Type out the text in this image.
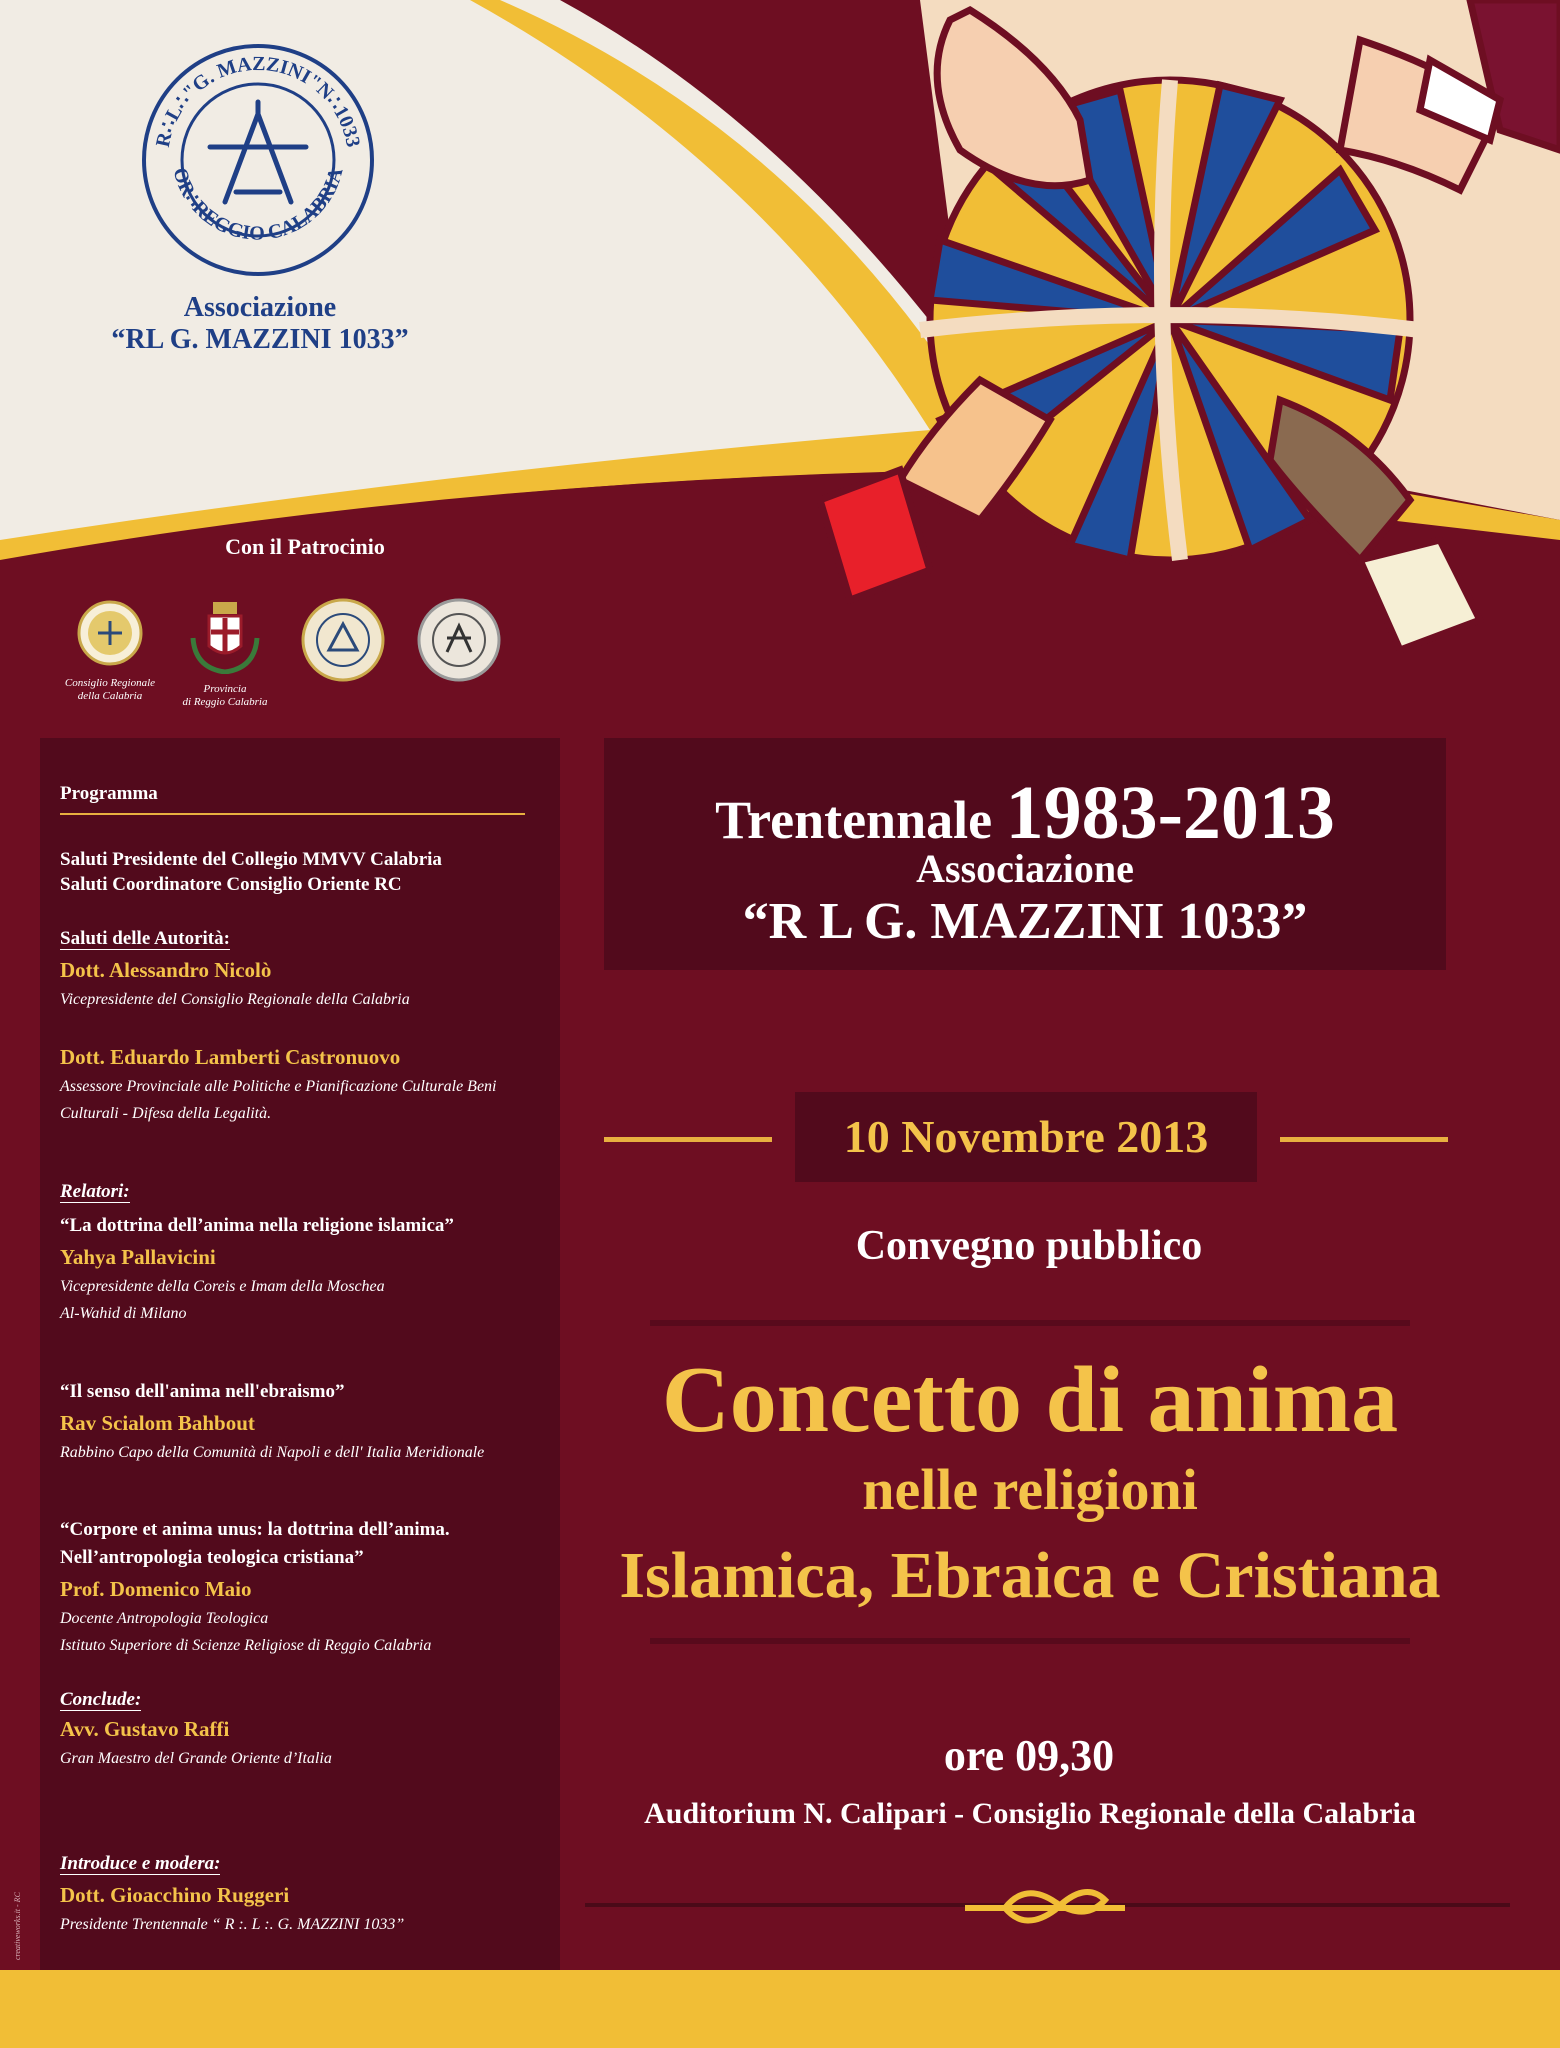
R∴L∴"G. MAZZINI"N∴1033
OR∴REGGIO CALABRIA
Associazione
“RL G. MAZZINI 1033”
Con il Patrocinio
Consiglio Regionale
della Calabria
Provincia
di Reggio Calabria
Programma
Saluti Presidente del Collegio MMVV Calabria
Saluti Coordinatore Consiglio Oriente RC
Saluti delle Autorità:
Dott. Alessandro Nicolò
Vicepresidente del Consiglio Regionale della Calabria
Dott. Eduardo Lamberti Castronuovo
Assessore Provinciale alle Politiche e Pianificazione Culturale Beni
Culturali - Difesa della Legalità.
Relatori:
“La dottrina dell’anima nella religione islamica”
Yahya Pallavicini
Vicepresidente della Coreis e Imam della Moschea
Al-Wahid di Milano
“Il senso dell'anima nell'ebraismo”
Rav Scialom Bahbout
Rabbino Capo della Comunità di Napoli e dell' Italia Meridionale
“Corpore et anima unus: la dottrina dell’anima.
Nell’antropologia teologica cristiana”
Prof. Domenico Maio
Docente Antropologia Teologica
Istituto Superiore di Scienze Religiose di Reggio Calabria
Conclude:
Avv. Gustavo Raffi
Gran Maestro del Grande Oriente d’Italia
Introduce e modera:
Dott. Gioacchino Ruggeri
Presidente Trentennale “ R :. L :. G. MAZZINI 1033”
Trentennale 1983-2013
Associazione
“R L G. MAZZINI 1033”
10 Novembre 2013
Convegno pubblico
Concetto di anima
nelle religioni
Islamica, Ebraica e Cristiana
ore 09,30
Auditorium N. Calipari - Consiglio Regionale della Calabria
creativeworks.it - RC
